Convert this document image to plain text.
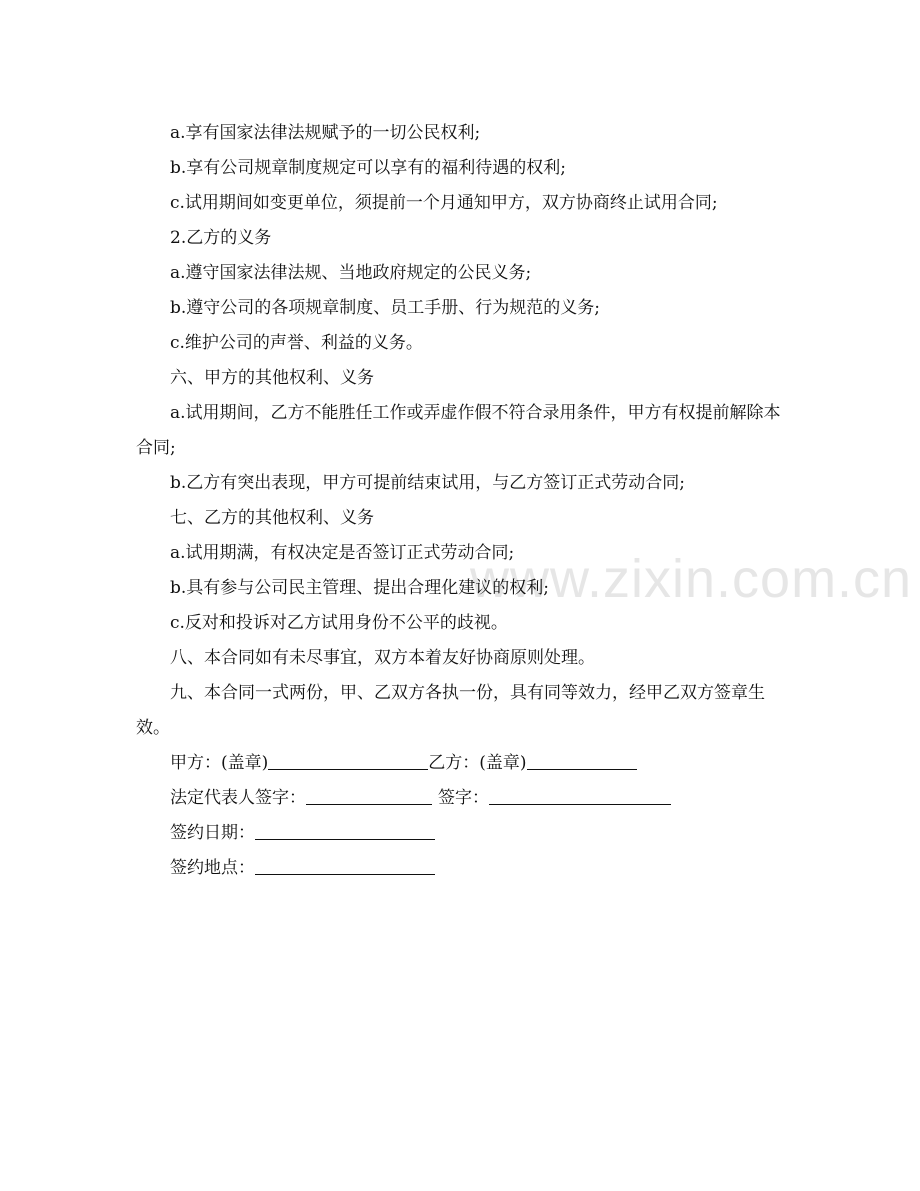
www.zixin.com.cn

a.享有国家法律法规赋予的一切公民权利;

b.享有公司规章制度规定可以享有的福利待遇的权利;

c.试用期间如变更单位，须提前一个月通知甲方，双方协商终止试用合同;

2.乙方的义务

a.遵守国家法律法规、当地政府规定的公民义务;

b.遵守公司的各项规章制度、员工手册、行为规范的义务;

c.维护公司的声誉、利益的义务。

六、甲方的其他权利、义务

a.试用期间，乙方不能胜任工作或弄虚作假不符合录用条件，甲方有权提前解除本合同;

b.乙方有突出表现，甲方可提前结束试用，与乙方签订正式劳动合同;

七、乙方的其他权利、义务

a.试用期满，有权决定是否签订正式劳动合同;

b.具有参与公司民主管理、提出合理化建议的权利;

c.反对和投诉对乙方试用身份不公平的歧视。

八、本合同如有未尽事宜，双方本着友好协商原则处理。

九、本合同一式两份，甲、乙双方各执一份，具有同等效力，经甲乙双方签章生效。

甲方：(盖章)	乙方：(盖章)

法定代表人签字：	签字：

签约日期：

签约地点：
